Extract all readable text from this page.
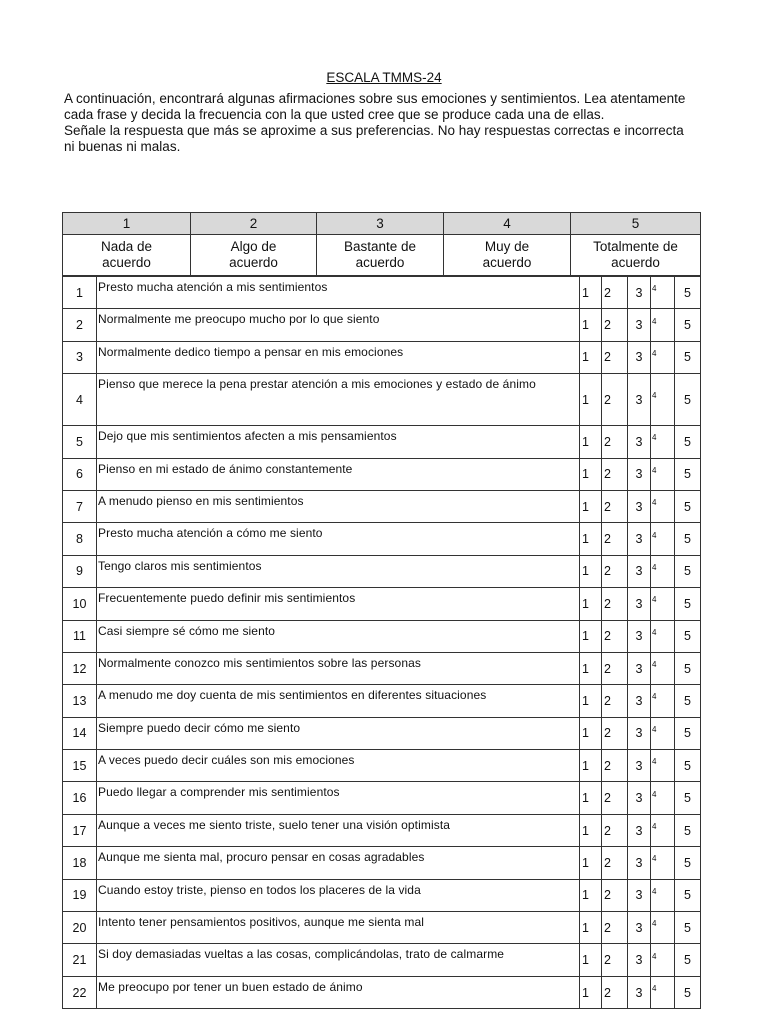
ESCALA TMMS-24
A continuación, encontrará algunas afirmaciones sobre sus emociones y sentimientos. Lea atentamente
cada frase y decida la frecuencia con la que usted cree que se produce cada una de ellas.
Señale la respuesta que más se aproxime a sus preferencias. No hay respuestas correctas e incorrecta
ni buenas ni malas.
1	2	3	4	5
Nada de
acuerdo	Algo de
acuerdo	Bastante de
acuerdo	Muy de
acuerdo	Totalmente de
acuerdo
1	Presto mucha atención a mis sentimientos	1	2	3	4	5
2	Normalmente me preocupo mucho por lo que siento	1	2	3	4	5
3	Normalmente dedico tiempo a pensar en mis emociones	1	2	3	4	5
4	Pienso que merece la pena prestar atención a mis emociones y estado de ánimo	1	2	3	4	5
5	Dejo que mis sentimientos afecten a mis pensamientos	1	2	3	4	5
6	Pienso en mi estado de ánimo constantemente	1	2	3	4	5
7	A menudo pienso en mis sentimientos	1	2	3	4	5
8	Presto mucha atención a cómo me siento	1	2	3	4	5
9	Tengo claros mis sentimientos	1	2	3	4	5
10	Frecuentemente puedo definir mis sentimientos	1	2	3	4	5
11	Casi siempre sé cómo me siento	1	2	3	4	5
12	Normalmente conozco mis sentimientos sobre las personas	1	2	3	4	5
13	A menudo me doy cuenta de mis sentimientos en diferentes situaciones	1	2	3	4	5
14	Siempre puedo decir cómo me siento	1	2	3	4	5
15	A veces puedo decir cuáles son mis emociones	1	2	3	4	5
16	Puedo llegar a comprender mis sentimientos	1	2	3	4	5
17	Aunque a veces me siento triste, suelo tener una visión optimista	1	2	3	4	5
18	Aunque me sienta mal, procuro pensar en cosas agradables	1	2	3	4	5
19	Cuando estoy triste, pienso en todos los placeres de la vida	1	2	3	4	5
20	Intento tener pensamientos positivos, aunque me sienta mal	1	2	3	4	5
21	Si doy demasiadas vueltas a las cosas, complicándolas, trato de calmarme	1	2	3	4	5
22	Me preocupo por tener un buen estado de ánimo	1	2	3	4	5
